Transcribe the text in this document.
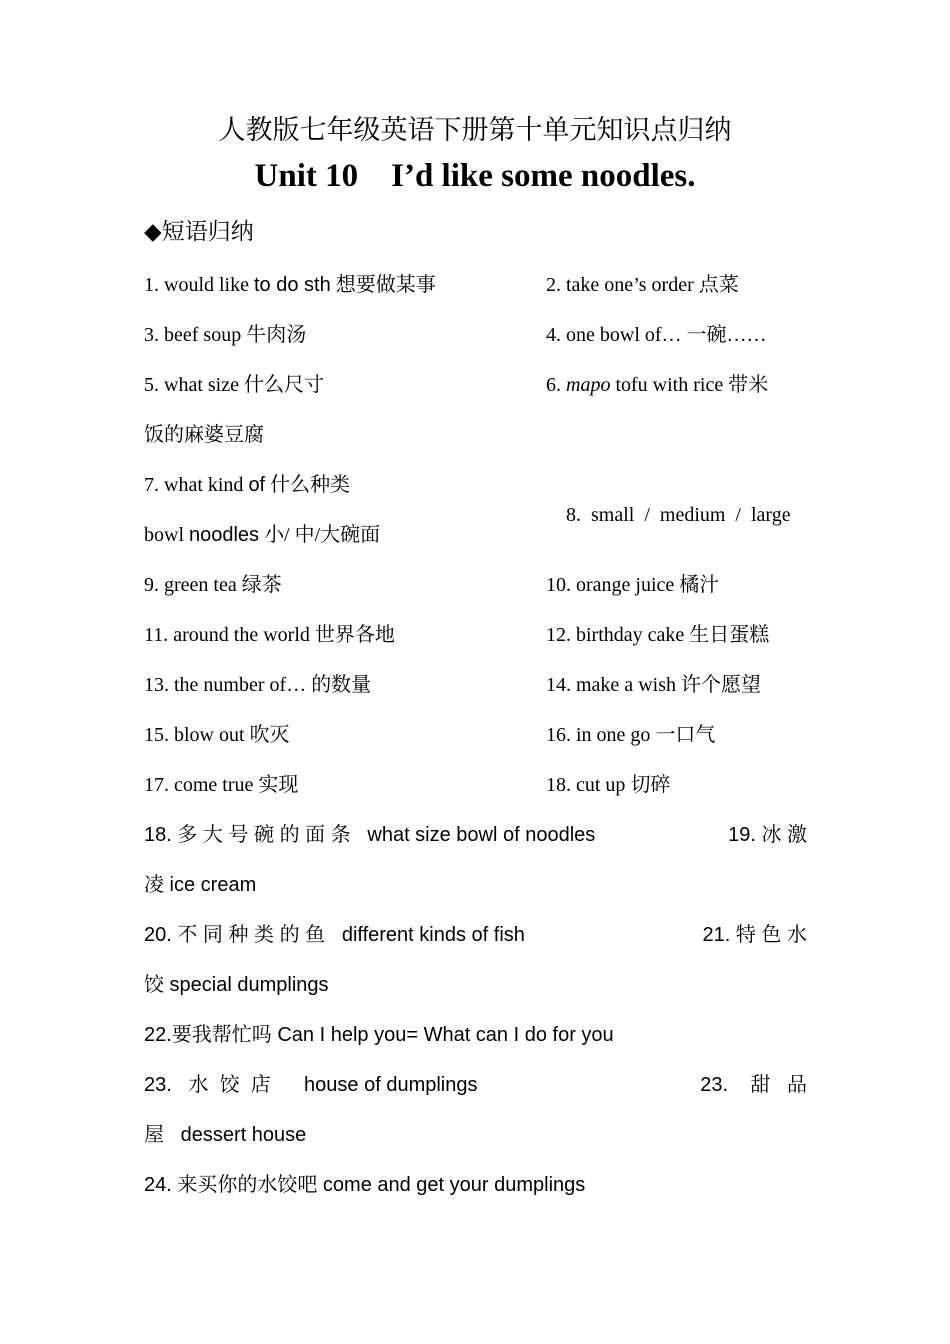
人教版七年级英语下册第十单元知识点归纳
Unit 10    I’d like some noodles.
◆短语归纳
1. would like to do sth 想要做某事	2. take one’s order 点菜
3. beef soup 牛肉汤	4. one bowl of… 一碗……
5. what size 什么尺寸	6. mapo tofu with rice 带米
饭的麻婆豆腐
7. what kind of 什么种类

8.  small  /  medium  /  large

bowl noodles 小/ 中/大碗面
9. green tea 绿茶	10. orange juice 橘汁
11. around the world 世界各地	12. birthday cake 生日蛋糕
13. the number of… 的数量	14. make a wish 许个愿望
15. blow out 吹灭	16. in one go 一口气
17. come true 实现	18. cut up 切碎
18. 多 大 号 碗 的 面 条 what size bowl of noodles	19. 冰 激
凌 ice cream
20. 不 同 种 类 的 鱼 different kinds of fish	21. 特 色 水
饺 special dumplings
22.要我帮忙吗 Can I help you= What can I do for you
23.   水  饺  店 house of dumplings	23.    甜   品
屋   dessert house
24. 来买你的水饺吧 come and get your dumplings
